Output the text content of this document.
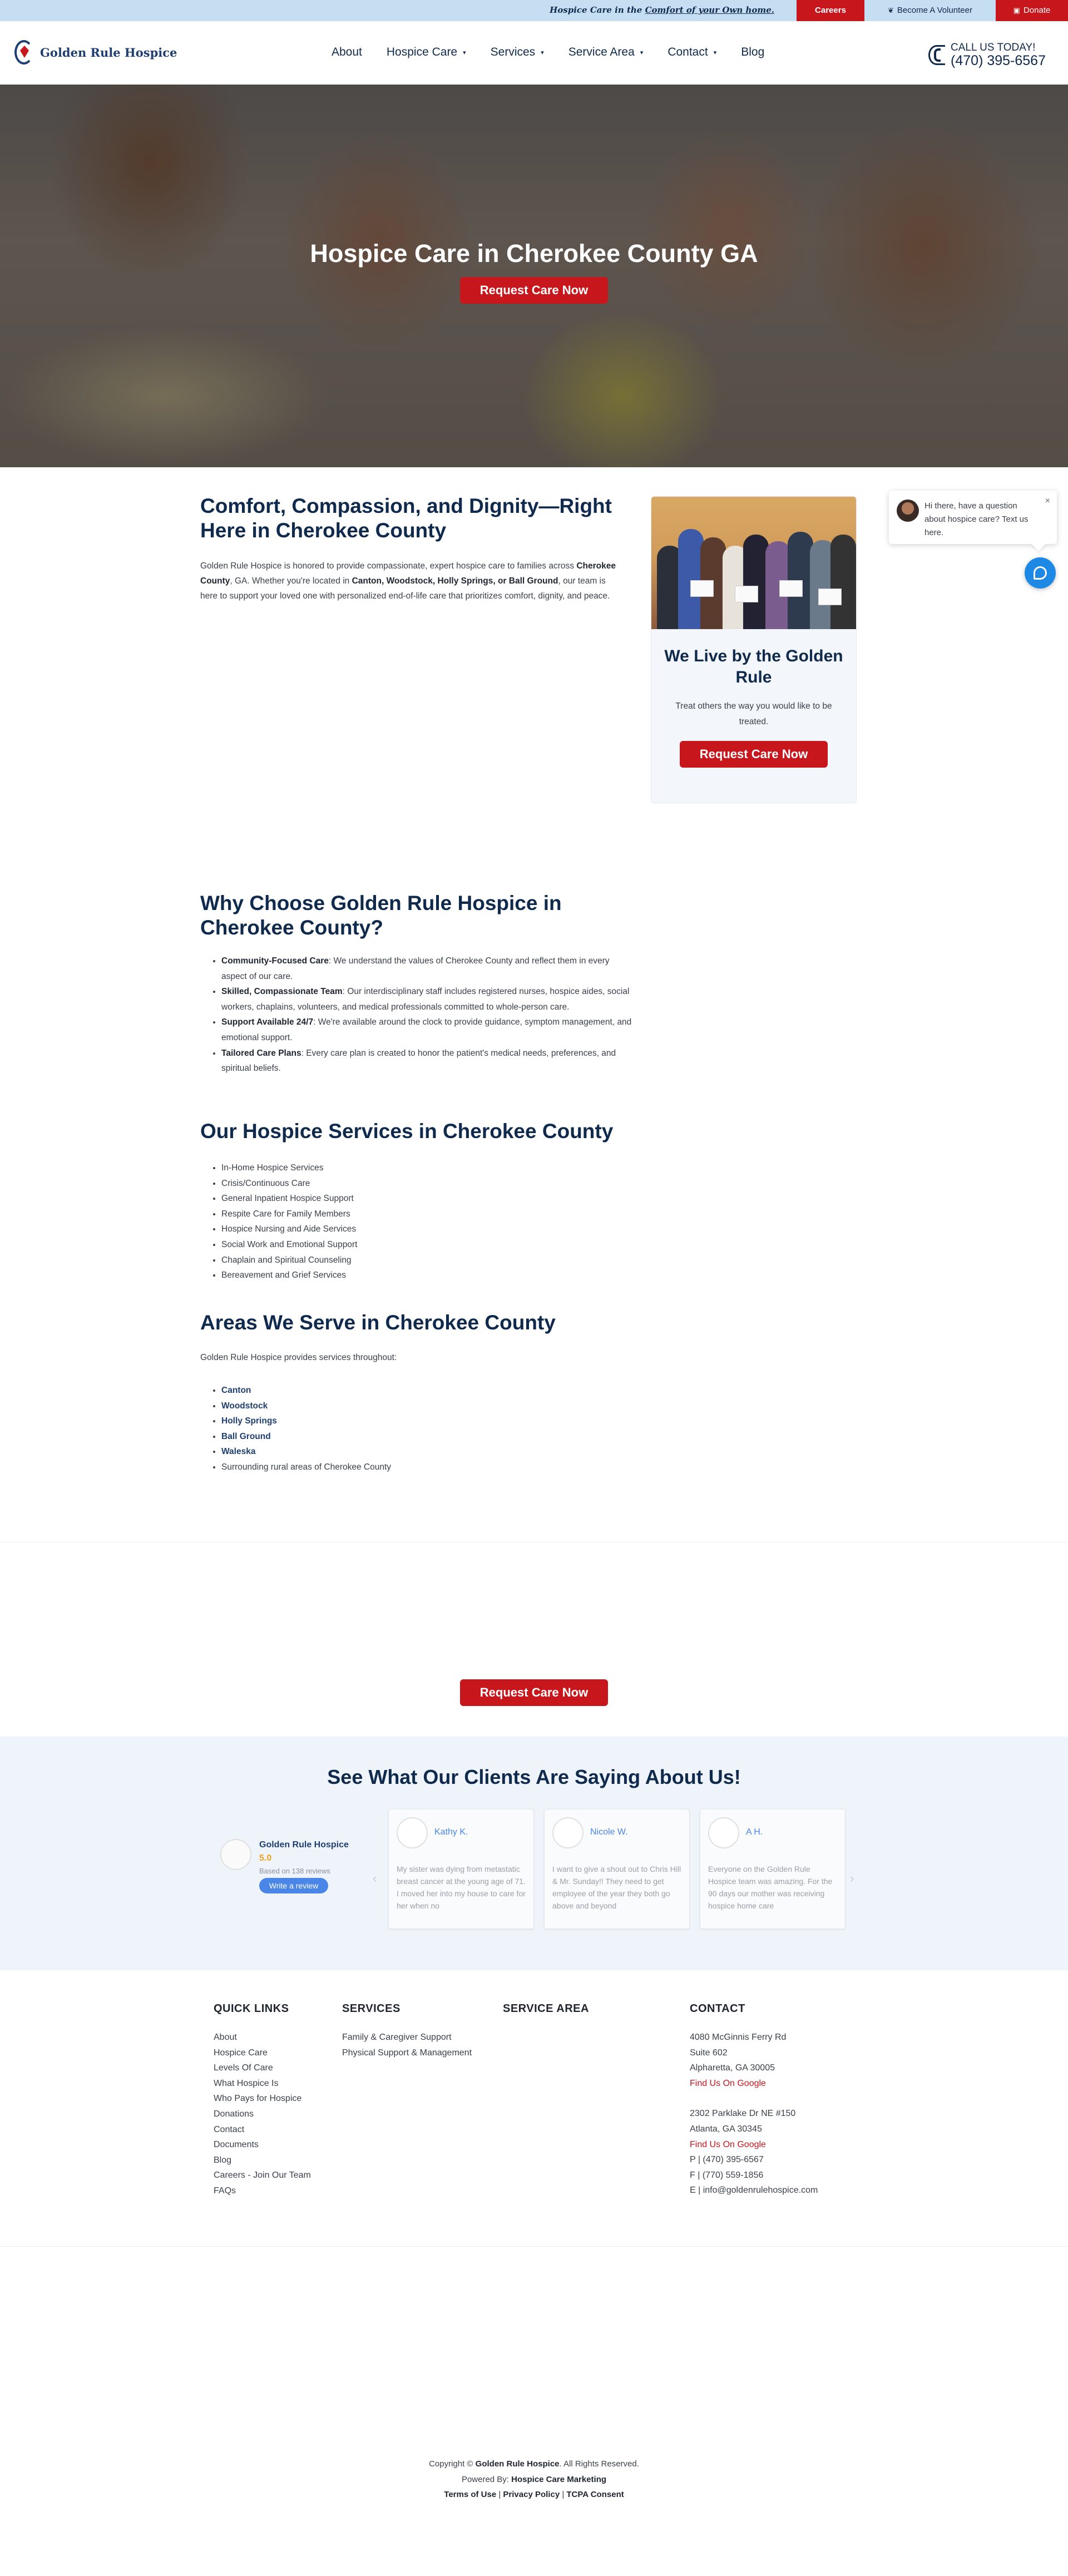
Hospice Care in the Comfort of your Own home.	Careers	❦ Become A Volunteer	▣ Donate
Golden Rule Hospice	About Hospice Care ▾ Services ▾ Service Area ▾ Contact ▾ Blog	CALL US TODAY!
(470) 395-6567
Hospice Care in Cherokee County GA
Request Care Now
Comfort, Compassion, and Dignity—Right Here in Cherokee County

Golden Rule Hospice is honored to provide compassionate, expert hospice care to families across Cherokee County, GA. Whether you're located in Canton, Woodstock, Holly Springs, or Ball Ground, our team is here to support your loved one with personalized end-of-life care that prioritizes comfort, dignity, and peace.

We Live by the Golden Rule
Treat others the way you would like to be treated.
Request Care Now
Hi there, have a question about hospice care? Text us here.
×
Why Choose Golden Rule Hospice in Cherokee County?
• Community-Focused Care: We understand the values of Cherokee County and reflect them in every aspect of our care.
• Skilled, Compassionate Team: Our interdisciplinary staff includes registered nurses, hospice aides, social workers, chaplains, volunteers, and medical professionals committed to whole-person care.
• Support Available 24/7: We're available around the clock to provide guidance, symptom management, and emotional support.
• Tailored Care Plans: Every care plan is created to honor the patient's medical needs, preferences, and spiritual beliefs.
Our Hospice Services in Cherokee County
• In-Home Hospice Services
• Crisis/Continuous Care
• General Inpatient Hospice Support
• Respite Care for Family Members
• Hospice Nursing and Aide Services
• Social Work and Emotional Support
• Chaplain and Spiritual Counseling
• Bereavement and Grief Services
Areas We Serve in Cherokee County

Golden Rule Hospice provides services throughout:

• Canton
• Woodstock
• Holly Springs
• Ball Ground
• Waleska
• Surrounding rural areas of Cherokee County
Request Care Now
See What Our Clients Are Saying About Us!
Golden Rule Hospice
5.0
Based on 138 reviews
Write a review
‹
Kathy K.
My sister was dying from metastatic breast cancer at the young age of 71. I moved her into my house to care for her when no
Nicole W.
I want to give a shout out to Chris Hill & Mr. Sunday!! They need to get employee of the year they both go above and beyond
A H.
Everyone on the Golden Rule Hospice team was amazing. For the 90 days our mother was receiving hospice home care
›
QUICK LINKS
About
Hospice Care
Levels Of Care
What Hospice Is
Who Pays for Hospice
Donations
Contact
Documents
Blog
Careers - Join Our Team
FAQs
SERVICES
Family & Caregiver Support
Physical Support & Management
SERVICE AREA	CONTACT
4080 McGinnis Ferry Rd
Suite 602
Alpharetta, GA 30005
Find Us On Google
2302 Parklake Dr NE #150
Atlanta, GA 30345
Find Us On Google
P | (470) 395-6567
F | (770) 559-1856
E | info@goldenrulehospice.com
Copyright © Golden Rule Hospice. All Rights Reserved.
Powered By: Hospice Care Marketing
Terms of Use | Privacy Policy | TCPA Consent
